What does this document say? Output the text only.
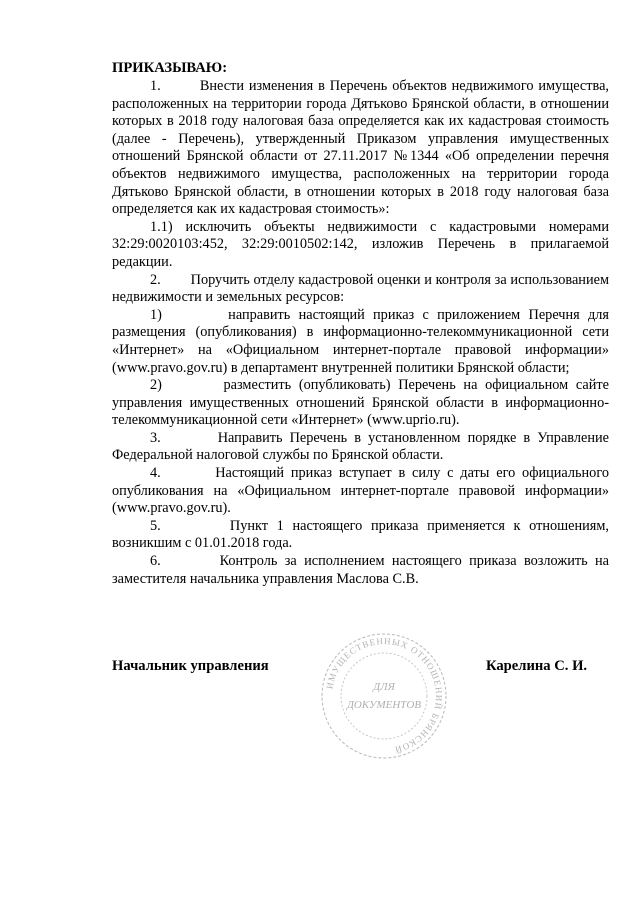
ПРИКАЗЫВАЮ:

1.        Внести изменения в Перечень объектов недвижимого имущества, расположенных на территории города Дятьково Брянской области, в отношении которых в 2018 году налоговая база определяется как их кадастровая стоимость (далее - Перечень), утвержденный Приказом управления имущественных отношений Брянской области от 27.11.2017 №1344 «Об определении перечня объектов недвижимого имущества, расположенных на территории города Дятьково Брянской области, в отношении которых в 2018 году налоговая база определяется как их кадастровая стоимость»:

1.1) исключить объекты недвижимости с кадастровыми номерами 32:29:0020103:452, 32:29:0010502:142, изложив Перечень в прилагаемой редакции.

2.        Поручить отделу кадастровой оценки и контроля за использованием недвижимости и земельных ресурсов:

1)        направить настоящий приказ с приложением Перечня для размещения (опубликования) в информационно-телекоммуникационной сети «Интернет» на «Официальном интернет-портале правовой информации» (www.pravo.gov.ru) в департамент внутренней политики Брянской области;

2)        разместить (опубликовать) Перечень на официальном сайте управления имущественных отношений Брянской области в информационно-телекоммуникационной сети «Интернет» (www.uprio.ru).

3.        Направить Перечень в установленном порядке в Управление Федеральной налоговой службы по Брянской области.

4.        Настоящий приказ вступает в силу с даты его официального опубликования на «Официальном интернет-портале правовой информации» (www.pravo.gov.ru).

5.        Пункт 1 настоящего приказа применяется к отношениям, возникшим с 01.01.2018 года.

6.        Контроль за исполнением настоящего приказа возложить на заместителя начальника управления Маслова С.В.

Начальник управления	Карелина С. И.
ИМУЩЕСТВЕННЫХ ОТНОШЕНИЙ БРЯНСКОЙ
ДЛЯ
ДОКУМЕНТОВ
